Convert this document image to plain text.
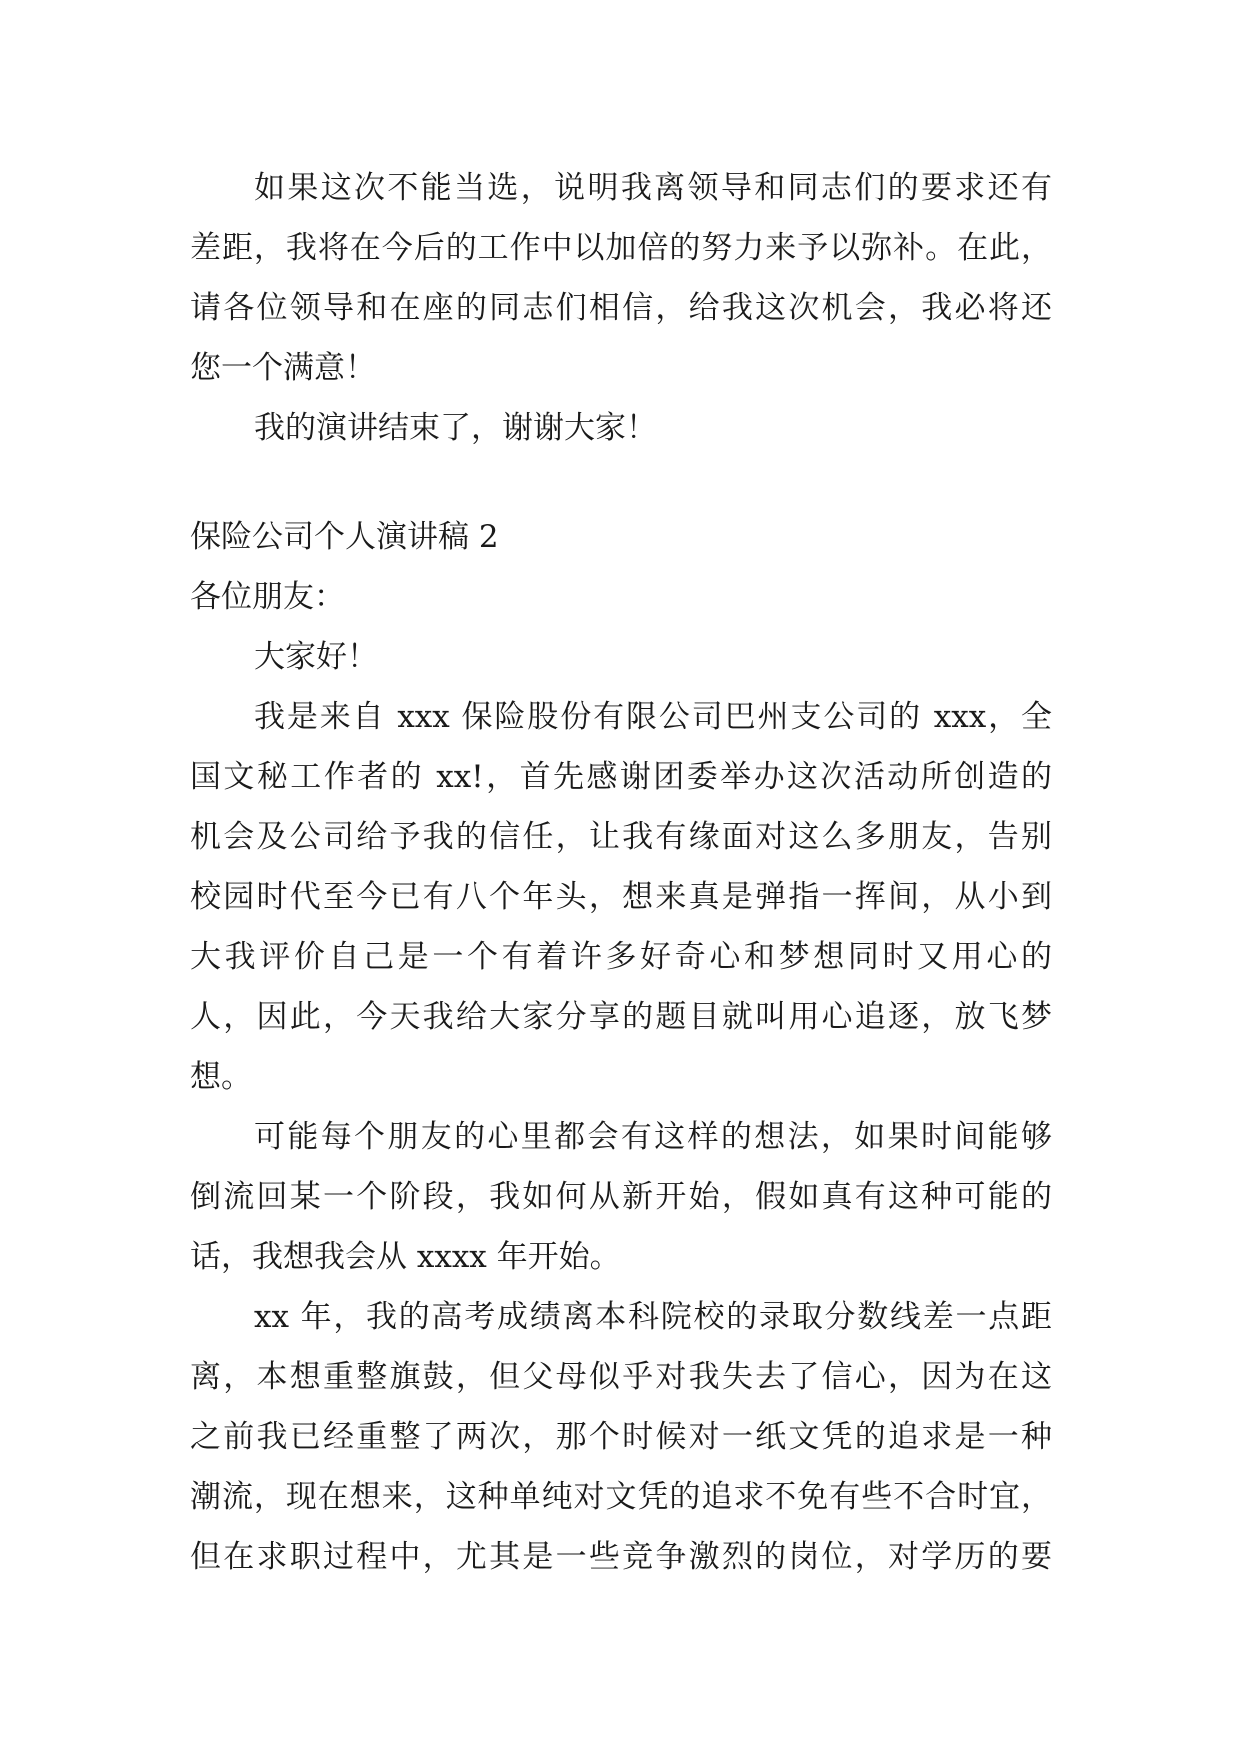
如果这次不能当选，说明我离领导和同志们的要求还有
差距，我将在今后的工作中以加倍的努力来予以弥补。在此，
请各位领导和在座的同志们相信，给我这次机会，我必将还
您一个满意！
我的演讲结束了，谢谢大家！
保险公司个人演讲稿 2
各位朋友：
大家好！
我是来自 xxx 保险股份有限公司巴州支公司的 xxx，全
国文秘工作者的 xx!，首先感谢团委举办这次活动所创造的
机会及公司给予我的信任，让我有缘面对这么多朋友，告别
校园时代至今已有八个年头，想来真是弹指一挥间，从小到
大我评价自己是一个有着许多好奇心和梦想同时又用心的
人，因此，今天我给大家分享的题目就叫用心追逐，放飞梦
想。
可能每个朋友的心里都会有这样的想法，如果时间能够
倒流回某一个阶段，我如何从新开始，假如真有这种可能的
话，我想我会从 xxxx 年开始。
xx 年，我的高考成绩离本科院校的录取分数线差一点距
离，本想重整旗鼓，但父母似乎对我失去了信心，因为在这
之前我已经重整了两次，那个时候对一纸文凭的追求是一种
潮流，现在想来，这种单纯对文凭的追求不免有些不合时宜，
但在求职过程中，尤其是一些竞争激烈的岗位，对学历的要
